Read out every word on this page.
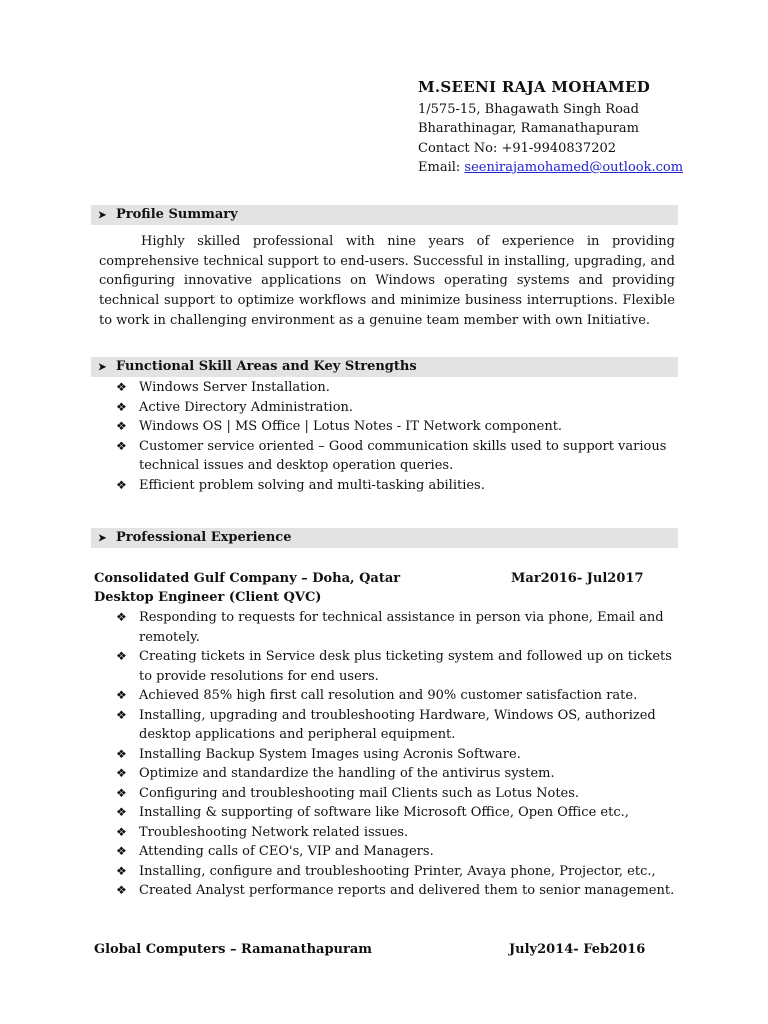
M.SEENI RAJA MOHAMED
1/575-15, Bhagawath Singh Road
Bharathinagar, Ramanathapuram
Contact No: +91-9940837202
Email: seenirajamohamed@outlook.com
➤ Profile Summary
Highly skilled professional with nine years of experience in providing comprehensive technical support to end-users. Successful in installing, upgrading, and configuring innovative applications on Windows operating systems and providing technical support to optimize workflows and minimize business interruptions. Flexible to work in challenging environment as a genuine team member with own Initiative.
➤ Functional Skill Areas and Key Strengths
❖ Windows Server Installation.
❖ Active Directory Administration.
❖ Windows OS | MS Office | Lotus Notes - IT Network component.
❖ Customer service oriented – Good communication skills used to support various technical issues and desktop operation queries.
❖ Efficient problem solving and multi-tasking abilities.
➤ Professional Experience
Consolidated Gulf Company – Doha, Qatar	Mar2016- Jul2017
Desktop Engineer (Client QVC)
❖ Responding to requests for technical assistance in person via phone, Email and remotely.
❖ Creating tickets in Service desk plus ticketing system and followed up on tickets to provide resolutions for end users.
❖ Achieved 85% high first call resolution and 90% customer satisfaction rate.
❖ Installing, upgrading and troubleshooting Hardware, Windows OS, authorized desktop applications and peripheral equipment.
❖ Installing Backup System Images using Acronis Software.
❖ Optimize and standardize the handling of the antivirus system.
❖ Configuring and troubleshooting mail Clients such as Lotus Notes.
❖ Installing & supporting of software like Microsoft Office, Open Office etc.,
❖ Troubleshooting Network related issues.
❖ Attending calls of CEO's, VIP and Managers.
❖ Installing, configure and troubleshooting Printer, Avaya phone, Projector, etc.,
❖ Created Analyst performance reports and delivered them to senior management.
Global Computers – Ramanathapuram	July2014- Feb2016
